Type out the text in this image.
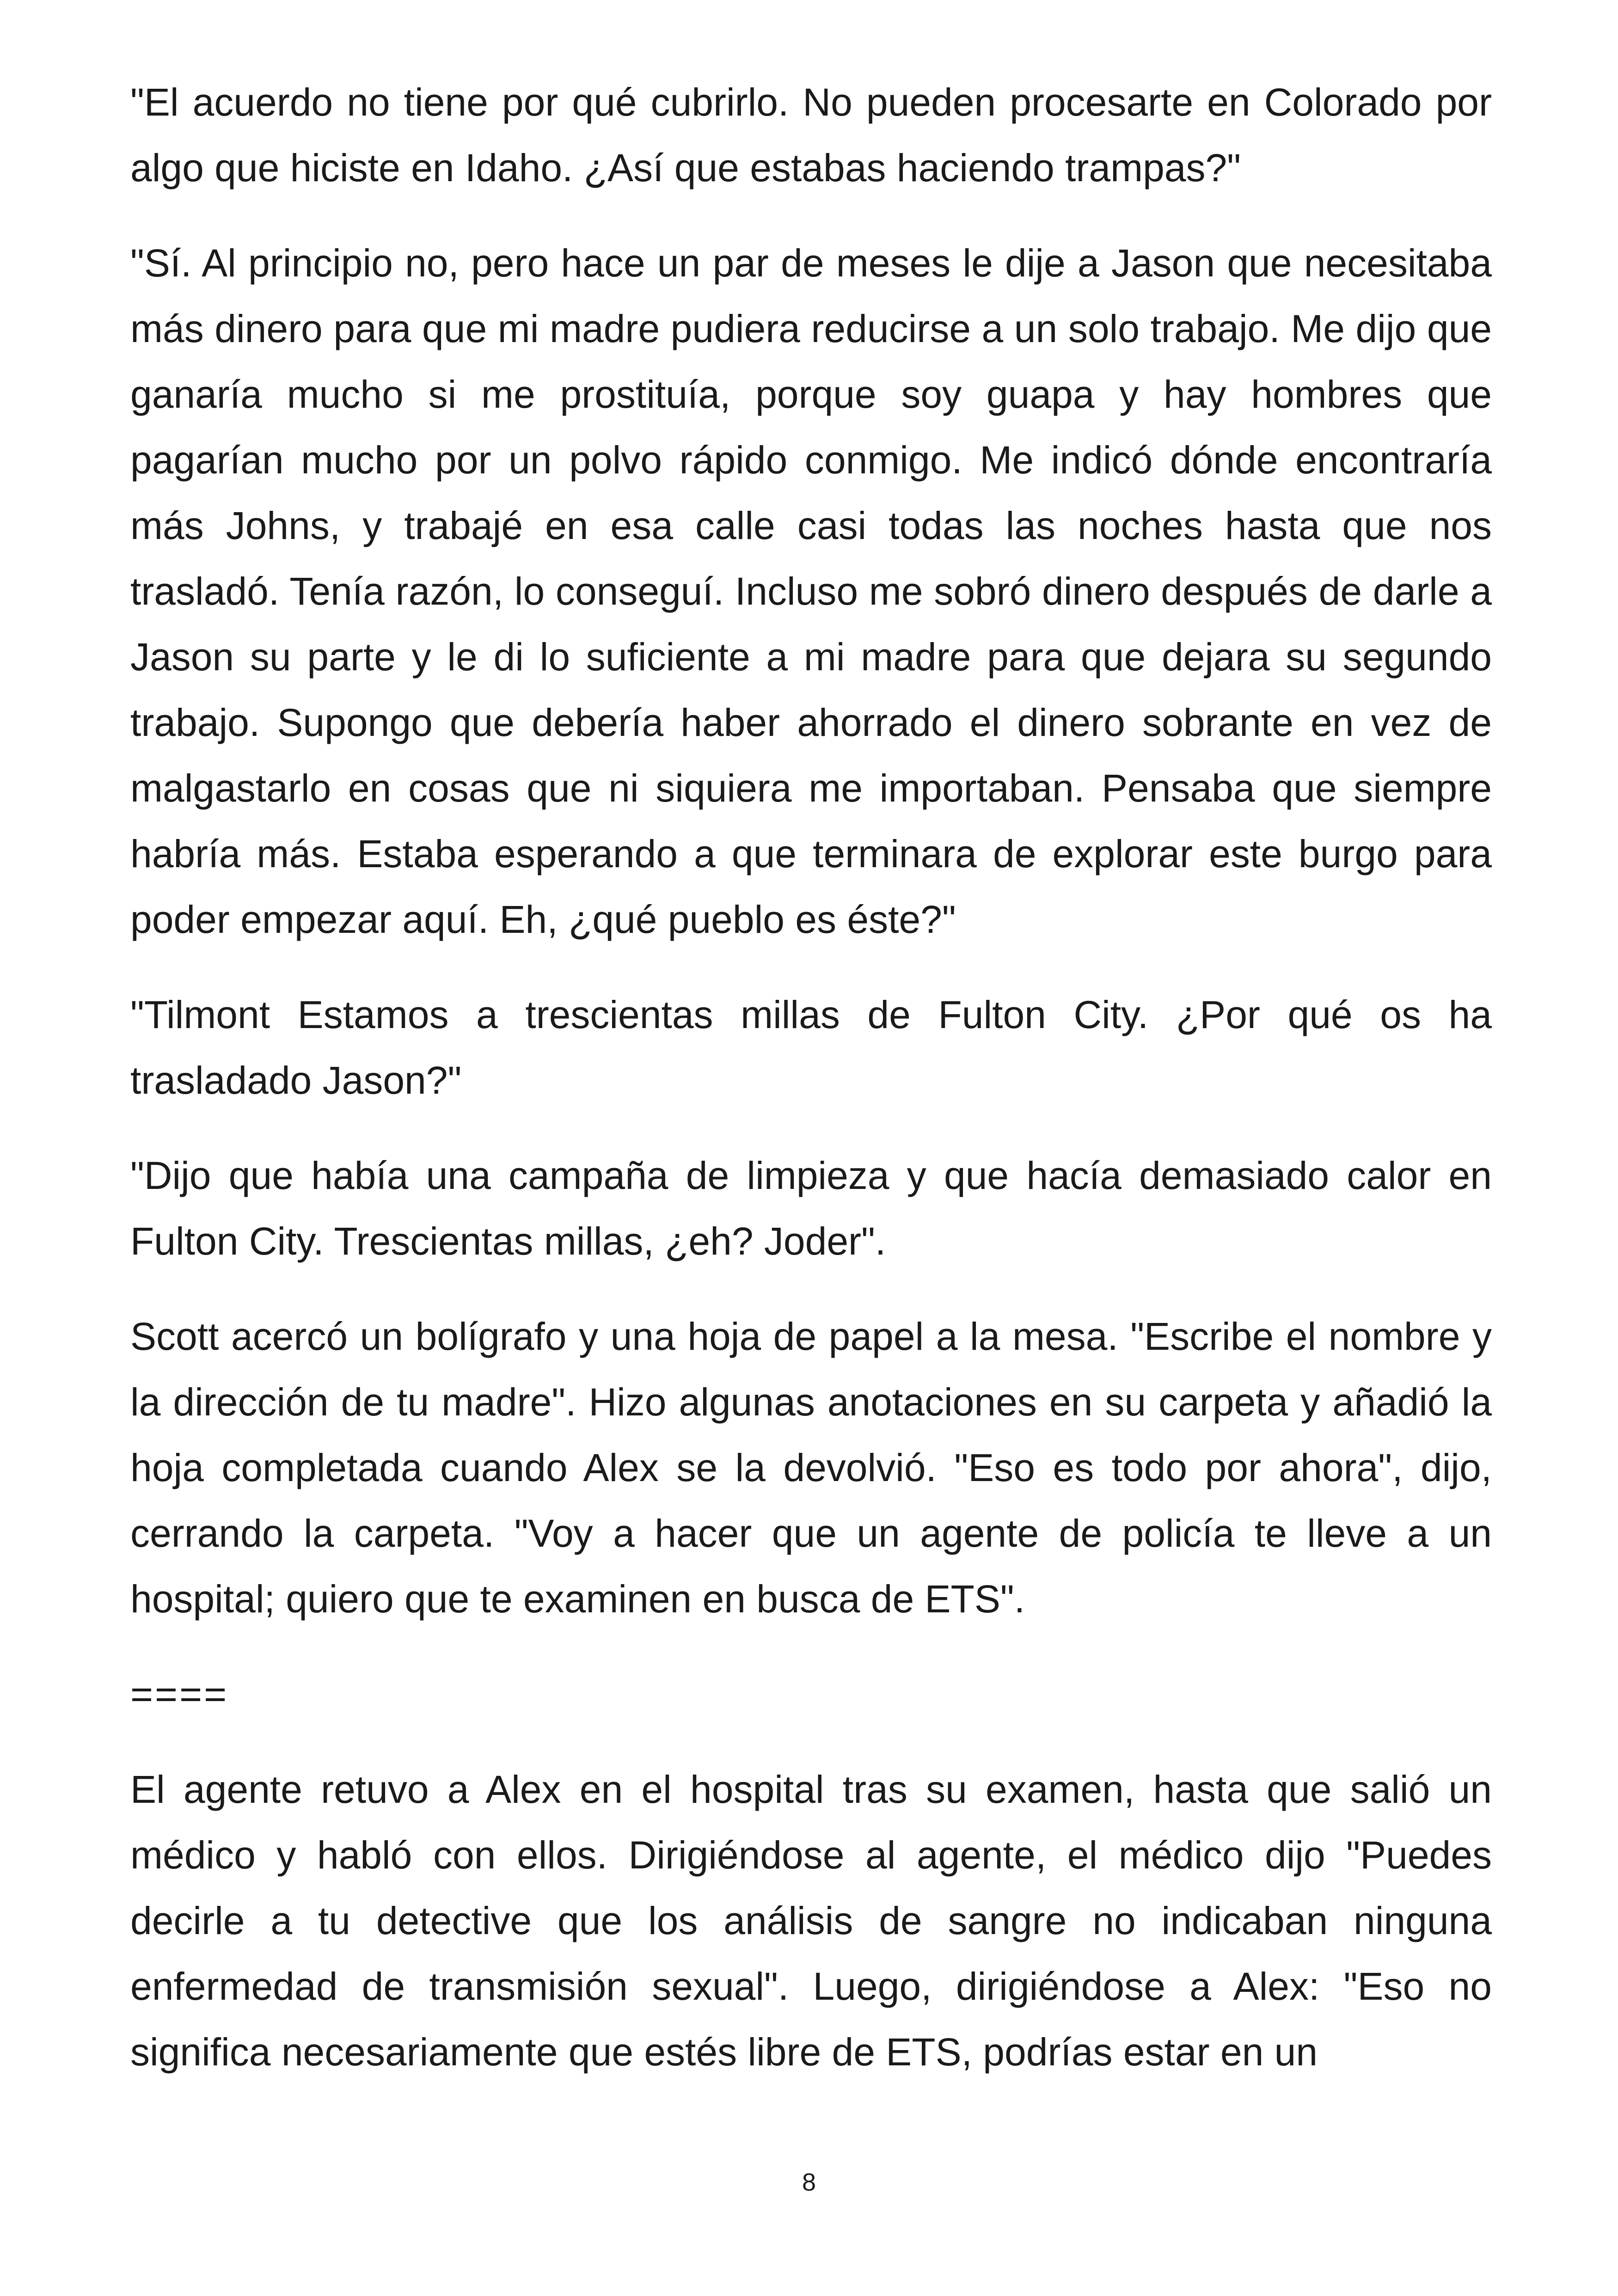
"El acuerdo no tiene por qué cubrirlo. No pueden procesarte en Colorado por algo que hiciste en Idaho. ¿Así que estabas haciendo trampas?"

"Sí. Al principio no, pero hace un par de meses le dije a Jason que necesitaba más dinero para que mi madre pudiera reducirse a un solo trabajo. Me dijo que ganaría mucho si me prostituía, porque soy guapa y hay hombres que pagarían mucho por un polvo rápido conmigo. Me indicó dónde encontraría más Johns, y trabajé en esa calle casi todas las noches hasta que nos trasladó. Tenía razón, lo conseguí. Incluso me sobró dinero después de darle a Jason su parte y le di lo suficiente a mi madre para que dejara su segundo trabajo. Supongo que debería haber ahorrado el dinero sobrante en vez de malgastarlo en cosas que ni siquiera me importaban. Pensaba que siempre habría más. Estaba esperando a que terminara de explorar este burgo para poder empezar aquí. Eh, ¿qué pueblo es éste?"

"Tilmont Estamos a trescientas millas de Fulton City. ¿Por qué os ha trasladado Jason?"

"Dijo que había una campaña de limpieza y que hacía demasiado calor en Fulton City. Trescientas millas, ¿eh? Joder".

Scott acercó un bolígrafo y una hoja de papel a la mesa. "Escribe el nombre y la dirección de tu madre". Hizo algunas anotaciones en su carpeta y añadió la hoja completada cuando Alex se la devolvió. "Eso es todo por ahora", dijo, cerrando la carpeta. "Voy a hacer que un agente de policía te lleve a un hospital; quiero que te examinen en busca de ETS".

====

El agente retuvo a Alex en el hospital tras su examen, hasta que salió un médico y habló con ellos. Dirigiéndose al agente, el médico dijo "Puedes decirle a tu detective que los análisis de sangre no indicaban ninguna enfermedad de transmisión sexual". Luego, dirigiéndose a Alex: "Eso no significa necesariamente que estés libre de ETS, podrías estar en un

8
